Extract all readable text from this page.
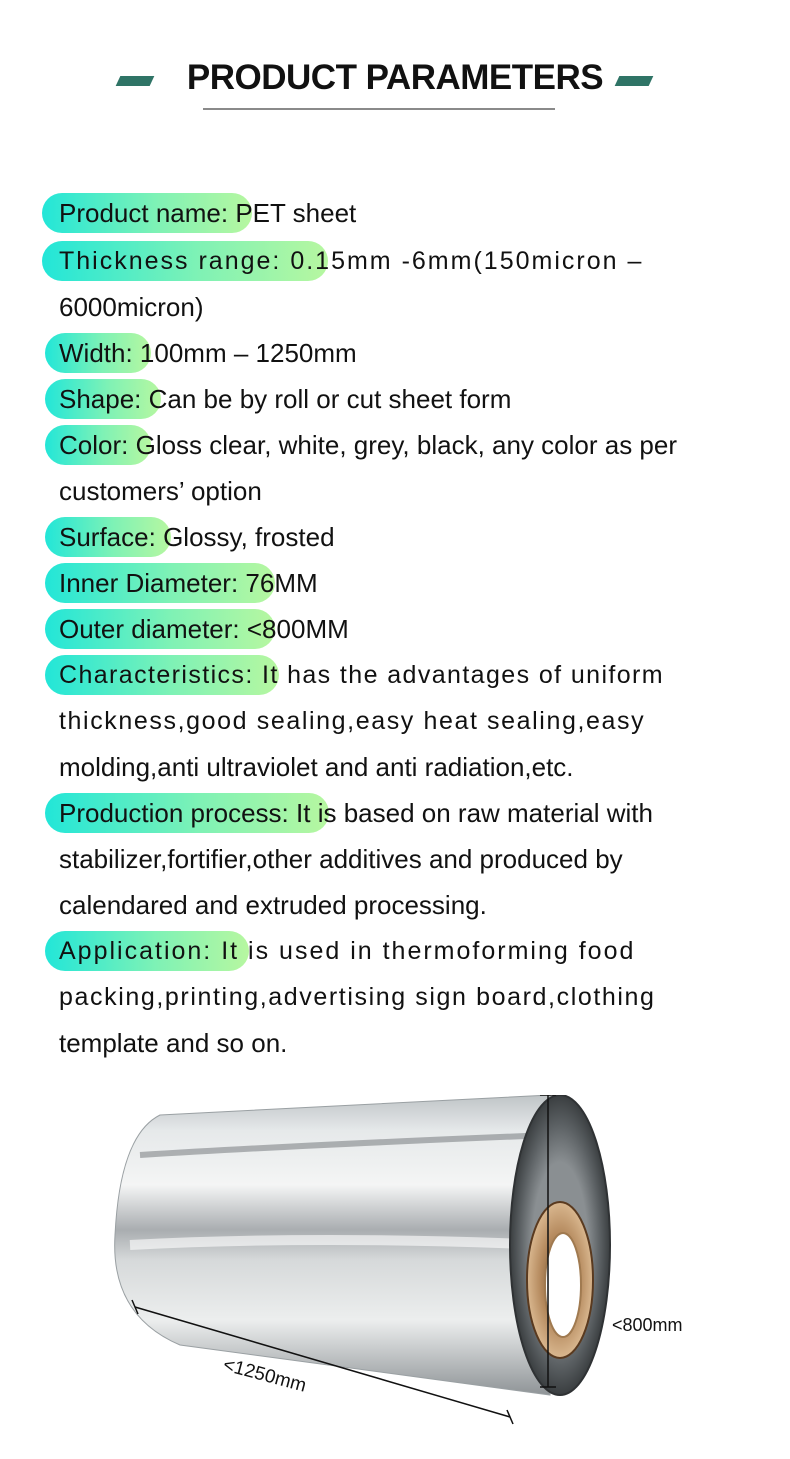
PRODUCT PARAMETERS
Product name: PET sheet
Thickness range: 0.15mm -6mm(150micron –
6000micron)
Width: 100mm – 1250mm
Shape: Can be by roll or cut sheet form
Color: Gloss clear, white, grey, black, any color as per
customers’ option
Surface: Glossy, frosted
Inner Diameter: 76MM
Outer diameter: <800MM
Characteristics: It has the advantages of uniform
thickness,good sealing,easy heat sealing,easy
molding,anti ultraviolet and anti radiation,etc.
Production process: It is based on raw material with
stabilizer,fortifier,other additives and produced by
calendared and extruded processing.
Application: It is used in thermoforming food
packing,printing,advertising sign board,clothing
template and so on.
<800mm
<1250mm
